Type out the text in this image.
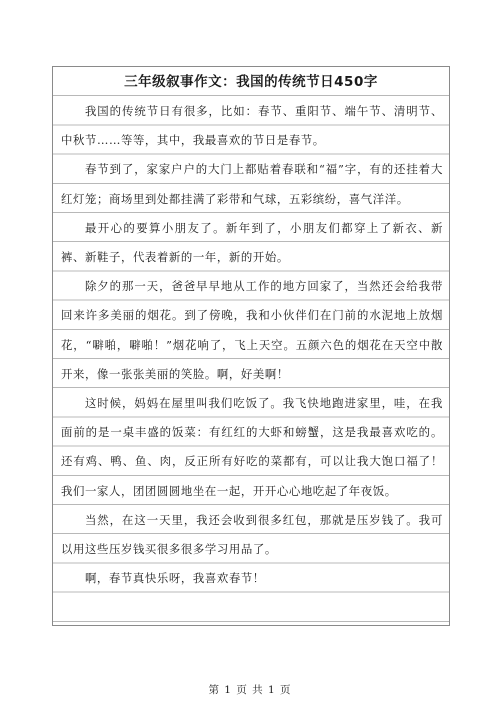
三年级叙事作文：我国的传统节日450字

我国的传统节日有很多，比如：春节、重阳节、端午节、清明节、中秋节……等等，其中，我最喜欢的节日是春节。

春节到了，家家户户的大门上都贴着春联和“福”字，有的还挂着大红灯笼；商场里到处都挂满了彩带和气球，五彩缤纷，喜气洋洋。

最开心的要算小朋友了。新年到了，小朋友们都穿上了新衣、新裤、新鞋子，代表着新的一年，新的开始。

除夕的那一天，爸爸早早地从工作的地方回家了，当然还会给我带回来许多美丽的烟花。到了傍晚，我和小伙伴们在门前的水泥地上放烟花，“噼啪，噼啪！”烟花响了，飞上天空。五颜六色的烟花在天空中散开来，像一张张美丽的笑脸。啊，好美啊！

这时候，妈妈在屋里叫我们吃饭了。我飞快地跑进家里，哇，在我面前的是一桌丰盛的饭菜：有红红的大虾和螃蟹，这是我最喜欢吃的。还有鸡、鸭、鱼、肉，反正所有好吃的菜都有，可以让我大饱口福了！我们一家人，团团圆圆地坐在一起，开开心心地吃起了年夜饭。

当然，在这一天里，我还会收到很多红包，那就是压岁钱了。我可以用这些压岁钱买很多很多学习用品了。

啊，春节真快乐呀，我喜欢春节！

第 1 页 共 1 页
